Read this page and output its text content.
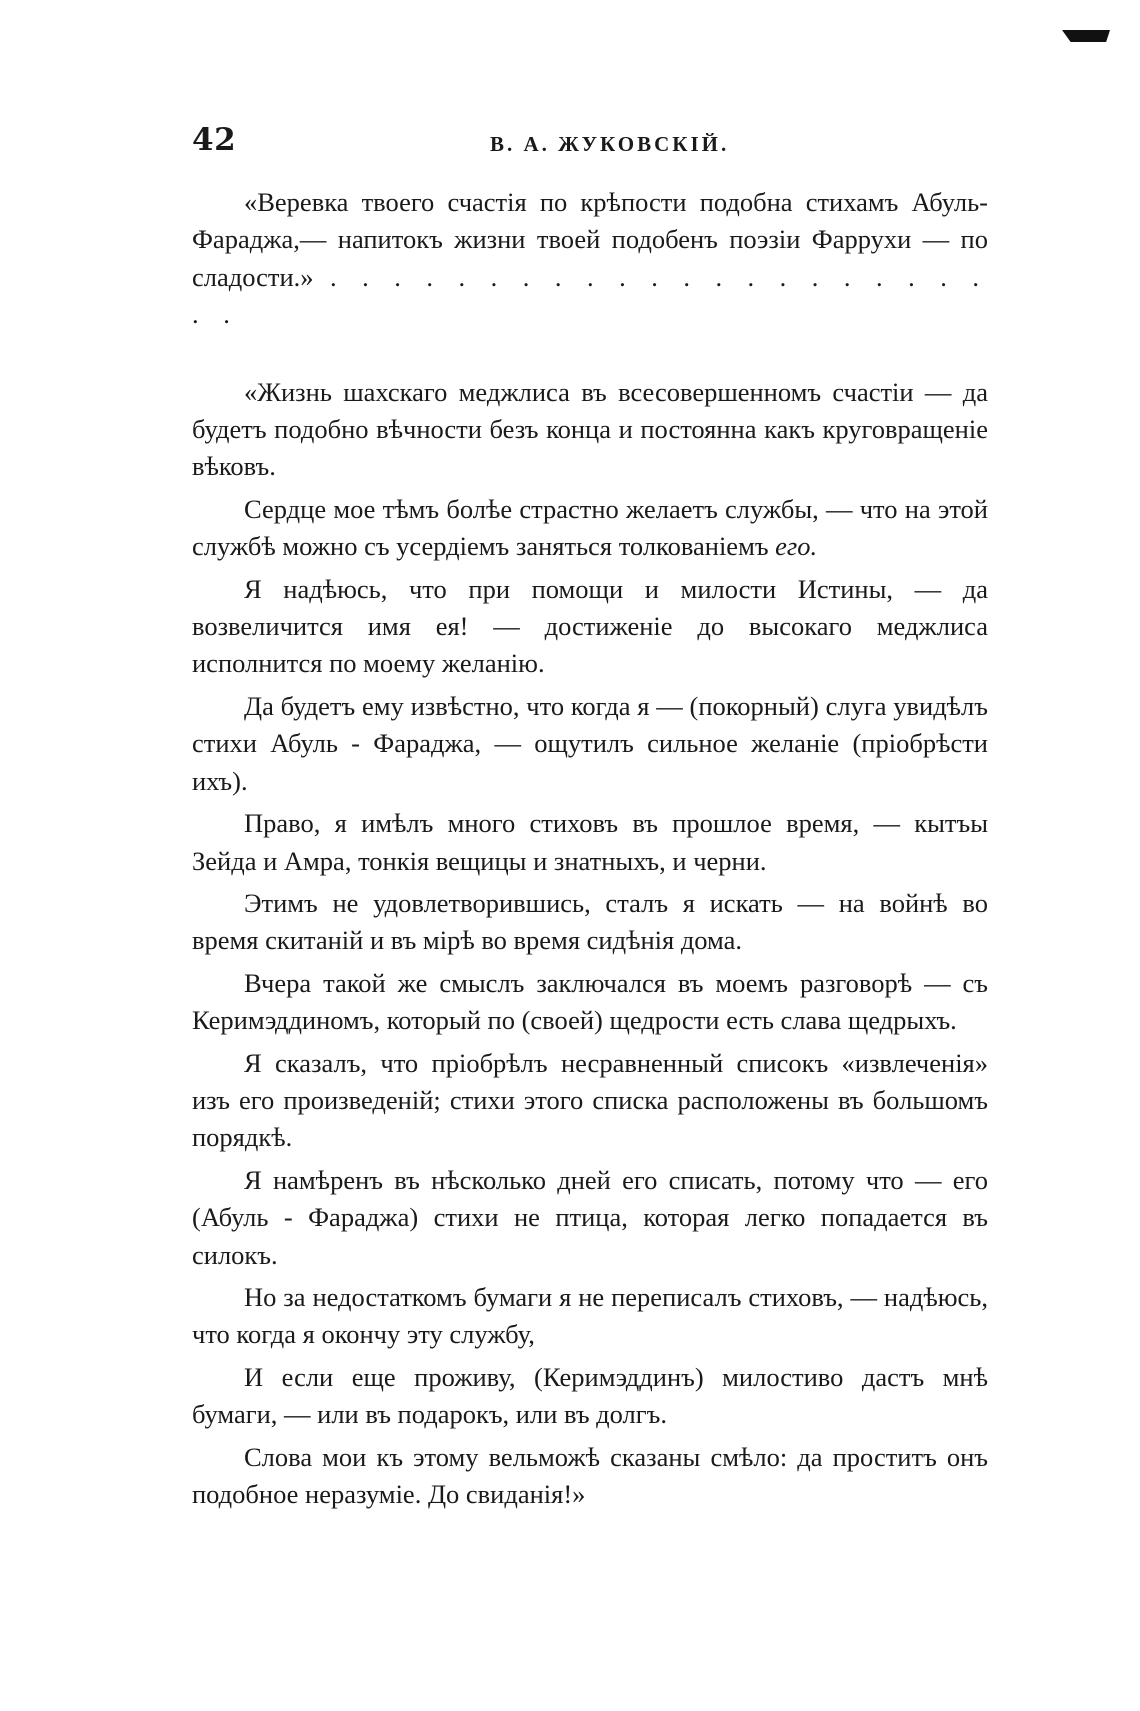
42	В. А. ЖУКОВСКІЙ.

«Веревка твоего счастія по крѣпости подобна стихамъ Абуль-Фараджа,— напитокъ жизни твоей подобенъ поэзіи Фаррухи — по сладости.» . . . . . . . . . . . . . . . . . . . . . . .

«Жизнь шахскаго меджлиса въ всесовершенномъ счастіи — да будетъ подобно вѣчности безъ конца и постоянна какъ круговращеніе вѣковъ.

Сердце мое тѣмъ болѣе страстно желаетъ службы, — что на этой службѣ можно съ усердіемъ заняться толкованіемъ его.

Я надѣюсь, что при помощи и милости Истины, — да возвеличится имя ея! — достиженіе до высокаго меджлиса исполнится по моему желанію.

Да будетъ ему извѣстно, что когда я — (покорный) слуга увидѣлъ стихи Абуль - Фараджа, — ощутилъ сильное желаніе (пріобрѣсти ихъ).

Право, я имѣлъ много стиховъ въ прошлое время, — кытъы Зейда и Амра, тонкія вещицы и знатныхъ, и черни.

Этимъ не удовлетворившись, сталъ я искать — на войнѣ во время скитаній и въ мірѣ во время сидѣнія дома.

Вчера такой же смыслъ заключался въ моемъ разговорѣ — съ Керимэддиномъ, который по (своей) щедрости есть слава щедрыхъ.

Я сказалъ, что пріобрѣлъ несравненный списокъ «извлеченія» изъ его произведеній; стихи этого списка расположены въ большомъ порядкѣ.

Я намѣренъ въ нѣсколько дней его списать, потому что — его (Абуль - Фараджа) стихи не птица, которая легко попадается въ силокъ.

Но за недостаткомъ бумаги я не переписалъ стиховъ, — надѣюсь, что когда я окончу эту службу,

И если еще проживу, (Керимэддинъ) милостиво дастъ мнѣ бумаги, — или въ подарокъ, или въ долгъ.

Слова мои къ этому вельможѣ сказаны смѣло: да проститъ онъ подобное неразуміе. До свиданія!»
